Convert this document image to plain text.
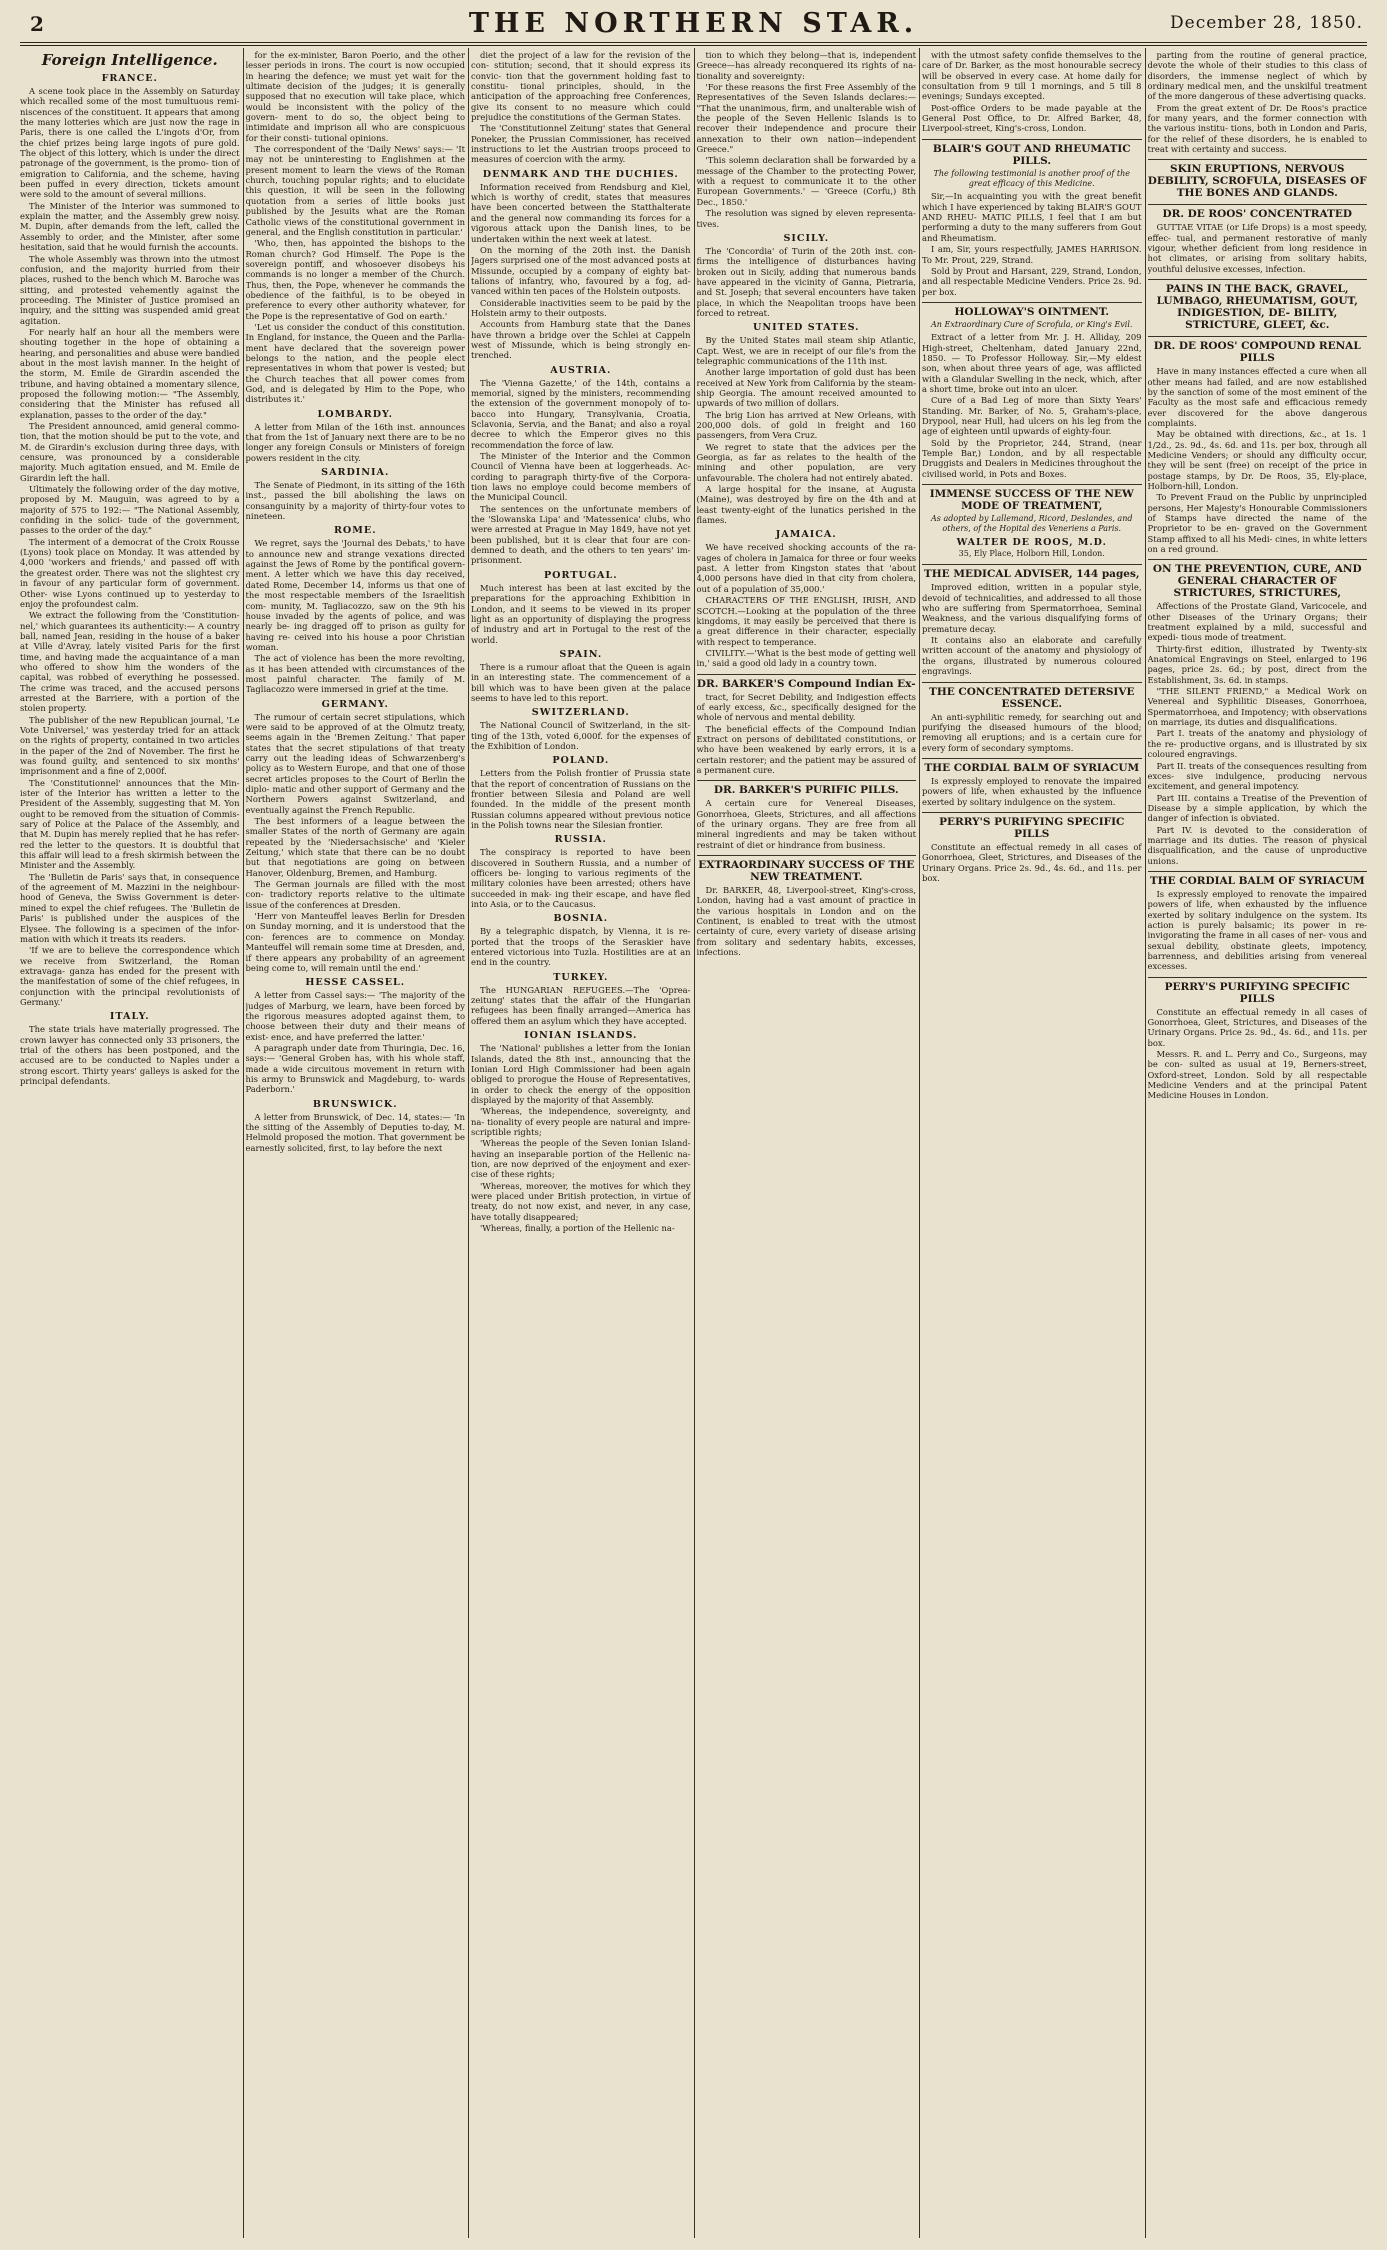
2	THE NORTHERN STAR.	December 28, 1850.
Foreign Intelligence.
FRANCE.

A scene took place in the Assembly on Saturday which recalled some of the most tumultuous remi- niscences of the constituent. It appears that among the many lotteries which are just now the rage in Paris, there is one called the L'ingots d'Or, from the chief prizes being large ingots of pure gold. The object of this lottery, which is under the direct patronage of the government, is the promo- tion of emigration to California, and the scheme, having been puffed in every direction, tickets amount were sold to the amount of several millions.

The Minister of the Interior was summoned to explain the matter, and the Assembly grew noisy. M. Dupin, after demands from the left, called the Assembly to order, and the Minister, after some hesitation, said that he would furnish the accounts.

The whole Assembly was thrown into the utmost confusion, and the majority hurried from their places, rushed to the bench which M. Baroche was sitting, and protested vehemently against the proceeding. The Minister of Justice promised an inquiry, and the sitting was suspended amid great agitation.

For nearly half an hour all the members were shouting together in the hope of obtaining a hearing, and personalities and abuse were bandied about in the most lavish manner. In the height of the storm, M. Emile de Girardin ascended the tribune, and having obtained a momentary silence, proposed the following motion:— "The Assembly, considering that the Minister has refused all explanation, passes to the order of the day."

The President announced, amid general commo- tion, that the motion should be put to the vote, and M. de Girardin's exclusion during three days, with censure, was pronounced by a considerable majority. Much agitation ensued, and M. Emile de Girardin left the hall.

Ultimately the following order of the day motive, proposed by M. Mauguin, was agreed to by a majority of 575 to 192:— "The National Assembly, confiding in the solici- tude of the government, passes to the order of the day."

The interment of a democrat of the Croix Rousse (Lyons) took place on Monday. It was attended by 4,000 'workers and friends,' and passed off with the greatest order. There was not the slightest cry in favour of any particular form of government. Other- wise Lyons continued up to yesterday to enjoy the profoundest calm.

We extract the following from the 'Constitution- nel,' which guarantees its authenticity:— A country ball, named Jean, residing in the house of a baker at Ville d'Avray, lately visited Paris for the first time, and having made the acquaintance of a man who offered to show him the wonders of the capital, was robbed of everything he possessed. The crime was traced, and the accused persons arrested at the Barriere, with a portion of the stolen property.

The publisher of the new Republican journal, 'Le Vote Universel,' was yesterday tried for an attack on the rights of property, contained in two articles in the paper of the 2nd of November. The first he was found guilty, and sentenced to six months' imprisonment and a fine of 2,000f.

The 'Constitutionnel' announces that the Min- ister of the Interior has written a letter to the President of the Assembly, suggesting that M. Yon ought to be removed from the situation of Commis- sary of Police at the Palace of the Assembly, and that M. Dupin has merely replied that he has refer- red the letter to the questors. It is doubtful that this affair will lead to a fresh skirmish between the Minister and the Assembly.

The 'Bulletin de Paris' says that, in consequence of the agreement of M. Mazzini in the neighbour- hood of Geneva, the Swiss Government is deter- mined to expel the chief refugees. The 'Bulletin de Paris' is published under the auspices of the Elysee. The following is a specimen of the infor- mation with which it treats its readers.

'If we are to believe the correspondence which we receive from Switzerland, the Roman extravaga- ganza has ended for the present with the manifestation of some of the chief refugees, in conjunction with the principal revolutionists of Germany.'

ITALY.

The state trials have materially progressed. The crown lawyer has connected only 33 prisoners, the trial of the others has been postponed, and the accused are to be conducted to Naples under a strong escort. Thirty years' galleys is asked for the principal defendants.

for the ex-minister, Baron Poerio, and the other lesser periods in irons. The court is now occupied in hearing the defence; we must yet wait for the ultimate decision of the judges; it is generally supposed that no execution will take place, which would be inconsistent with the policy of the govern- ment to do so, the object being to intimidate and imprison all who are conspicuous for their consti- tutional opinions.

The correspondent of the 'Daily News' says:— 'It may not be uninteresting to Englishmen at the present moment to learn the views of the Roman church, touching popular rights; and to elucidate this question, it will be seen in the following quotation from a series of little books just published by the Jesuits what are the Roman Catholic views of the constitutional government in general, and the English constitution in particular.'

'Who, then, has appointed the bishops to the Roman church? God Himself. The Pope is the sovereign pontiff, and whosoever disobeys his commands is no longer a member of the Church. Thus, then, the Pope, whenever he commands the obedience of the faithful, is to be obeyed in preference to every other authority whatever, for the Pope is the representative of God on earth.'

'Let us consider the conduct of this constitution. In England, for instance, the Queen and the Parlia- ment have declared that the sovereign power belongs to the nation, and the people elect representatives in whom that power is vested; but the Church teaches that all power comes from God, and is delegated by Him to the Pope, who distributes it.'

LOMBARDY.

A letter from Milan of the 16th inst. announces that from the 1st of January next there are to be no longer any foreign Consuls or Ministers of foreign powers resident in the city.

SARDINIA.

The Senate of Piedmont, in its sitting of the 16th inst., passed the bill abolishing the laws on consanguinity by a majority of thirty-four votes to nineteen.

ROME.

We regret, says the 'Journal des Debats,' to have to announce new and strange vexations directed against the Jews of Rome by the pontifical govern- ment. A letter which we have this day received, dated Rome, December 14, informs us that one of the most respectable members of the Israelitish com- munity, M. Tagliacozzo, saw on the 9th his house invaded by the agents of police, and was nearly be- ing dragged off to prison as guilty for having re- ceived into his house a poor Christian woman.

The act of violence has been the more revolting, as it has been attended with circumstances of the most painful character. The family of M. Tagliacozzo were immersed in grief at the time.

GERMANY.

The rumour of certain secret stipulations, which were said to be approved of at the Olmutz treaty, seems again in the 'Bremen Zeitung.' That paper states that the secret stipulations of that treaty carry out the leading ideas of Schwarzenberg's policy as to Western Europe, and that one of those secret articles proposes to the Court of Berlin the diplo- matic and other support of Germany and the Northern Powers against Switzerland, and eventually against the French Republic.

The best informers of a league between the smaller States of the north of Germany are again repeated by the 'Niedersachsische' and 'Kieler Zeitung,' which state that there can be no doubt but that negotiations are going on between Hanover, Oldenburg, Bremen, and Hamburg.

The German journals are filled with the most con- tradictory reports relative to the ultimate issue of the conferences at Dresden.

'Herr von Manteuffel leaves Berlin for Dresden on Sunday morning, and it is understood that the con- ferences are to commence on Monday. Manteuffel will remain some time at Dresden, and, if there appears any probability of an agreement being come to, will remain until the end.'

HESSE CASSEL.

A letter from Cassel says:— 'The majority of the judges of Marburg, we learn, have been forced by the rigorous measures adopted against them, to choose between their duty and their means of exist- ence, and have preferred the latter.'

A paragraph under date from Thuringia, Dec. 16, says:— 'General Groben has, with his whole staff, made a wide circuitous movement in return with his army to Brunswick and Magdeburg, to- wards Paderborn.'

BRUNSWICK.

A letter from Brunswick, of Dec. 14, states:— 'In the sitting of the Assembly of Deputies to-day, M. Helmold proposed the motion. That government be earnestly solicited, first, to lay before the next

diet the project of a law for the revision of the con- stitution; second, that it should express its convic- tion that the government holding fast to constitu- tional principles, should, in the anticipation of the approaching free Conferences, give its consent to no measure which could prejudice the constitutions of the German States.

The 'Constitutionnel Zeitung' states that General Poneker, the Prussian Commissioner, has received instructions to let the Austrian troops proceed to measures of coercion with the army.

DENMARK AND THE DUCHIES.

Information received from Rendsburg and Kiel, which is worthy of credit, states that measures have been concerted between the Statthalterate and the general now commanding its forces for a vigorous attack upon the Danish lines, to be undertaken within the next week at latest.

On the morning of the 20th inst. the Danish Jagers surprised one of the most advanced posts at Missunde, occupied by a company of eighty bat- talions of infantry, who, favoured by a fog, ad- vanced within ten paces of the Holstein outposts.

Considerable inactivities seem to be paid by the Holstein army to their outposts.

Accounts from Hamburg state that the Danes have thrown a bridge over the Schlei at Cappeln west of Missunde, which is being strongly en- trenched.

AUSTRIA.

The 'Vienna Gazette,' of the 14th, contains a memorial, signed by the ministers, recommending the extension of the government monopoly of to- bacco into Hungary, Transylvania, Croatia, Sclavonia, Servia, and the Banat; and also a royal decree to which the Emperor gives no this recommendation the force of law.

The Minister of the Interior and the Common Council of Vienna have been at loggerheads. Ac- cording to paragraph thirty-five of the Corpora- tion laws no employe could become members of the Municipal Council.

The sentences on the unfortunate members of the 'Slowanska Lipa' and 'Matessenica' clubs, who were arrested at Prague in May 1849, have not yet been published, but it is clear that four are con- demned to death, and the others to ten years' im- prisonment.

PORTUGAL.

Much interest has been at last excited by the preparations for the approaching Exhibition in London, and it seems to be viewed in its proper light as an opportunity of displaying the progress of industry and art in Portugal to the rest of the world.

SPAIN.

There is a rumour afloat that the Queen is again in an interesting state. The commencement of a bill which was to have been given at the palace seems to have led to this report.

SWITZERLAND.

The National Council of Switzerland, in the sit- ting of the 13th, voted 6,000f. for the expenses of the Exhibition of London.

POLAND.

Letters from the Polish frontier of Prussia state that the report of concentration of Russians on the frontier between Silesia and Poland are well founded. In the middle of the present month Russian columns appeared without previous notice in the Polish towns near the Silesian frontier.

RUSSIA.

The conspiracy is reported to have been discovered in Southern Russia, and a number of officers be- longing to various regiments of the military colonies have been arrested; others have succeeded in mak- ing their escape, and have fled into Asia, or to the Caucasus.

BOSNIA.

By a telegraphic dispatch, by Vienna, it is re- ported that the troops of the Seraskier have entered victorious into Tuzla. Hostilities are at an end in the country.

TURKEY.

The HUNGARIAN REFUGEES.—The 'Oprea- zeitung' states that the affair of the Hungarian refugees has been finally arranged—America has offered them an asylum which they have accepted.

IONIAN ISLANDS.

The 'National' publishes a letter from the Ionian Islands, dated the 8th inst., announcing that the Ionian Lord High Commissioner had been again obliged to prorogue the House of Representatives, in order to check the energy of the opposition displayed by the majority of that Assembly.

'Whereas, the independence, sovereignty, and na- tionality of every people are natural and impre- scriptible rights;

'Whereas the people of the Seven Ionian Island- having an inseparable portion of the Hellenic na- tion, are now deprived of the enjoyment and exer- cise of these rights;

'Whereas, moreover, the motives for which they were placed under British protection, in virtue of treaty, do not now exist, and never, in any case, have totally disappeared;

'Whereas, finally, a portion of the Hellenic na-

tion to which they belong—that is, independent Greece—has already reconquered its rights of na- tionality and sovereignty:

'For these reasons the first Free Assembly of the Representatives of the Seven Islands declares:— "That the unanimous, firm, and unalterable wish of the people of the Seven Hellenic Islands is to recover their independence and procure their annexation to their own nation—independent Greece."

'This solemn declaration shall be forwarded by a message of the Chamber to the protecting Power, with a request to communicate it to the other European Governments.' — 'Greece (Corfu,) 8th Dec., 1850.'

The resolution was signed by eleven representa- tives.

SICILY.

The 'Concordia' of Turin of the 20th inst. con- firms the intelligence of disturbances having broken out in Sicily, adding that numerous bands have appeared in the vicinity of Ganna, Pietraria, and St. Joseph; that several encounters have taken place, in which the Neapolitan troops have been forced to retreat.

UNITED STATES.

By the United States mail steam ship Atlantic, Capt. West, we are in receipt of our file's from the telegraphic communications of the 11th inst.

Another large importation of gold dust has been received at New York from California by the steam- ship Georgia. The amount received amounted to upwards of two million of dollars.

The brig Lion has arrived at New Orleans, with 200,000 dols. of gold in freight and 160 passengers, from Vera Cruz.

We regret to state that the advices per the Georgia, as far as relates to the health of the mining and other population, are very unfavourable. The cholera had not entirely abated.

A large hospital for the insane, at Augusta (Maine), was destroyed by fire on the 4th and at least twenty-eight of the lunatics perished in the flames.

JAMAICA.

We have received shocking accounts of the ra- vages of cholera in Jamaica for three or four weeks past. A letter from Kingston states that 'about 4,000 persons have died in that city from cholera, out of a population of 35,000.'

CHARACTERS OF THE ENGLISH, IRISH, AND SCOTCH.—Looking at the population of the three kingdoms, it may easily be perceived that there is a great difference in their character, especially with respect to temperance.

CIVILITY.—'What is the best mode of getting well in,' said a good old lady in a country town.

DR. BARKER'S Compound Indian Ex-

tract, for Secret Debility, and Indigestion effects of early excess, &c., specifically designed for the whole of nervous and mental debility.

The beneficial effects of the Compound Indian Extract on persons of debilitated constitutions, or who have been weakened by early errors, it is a certain restorer; and the patient may be assured of a permanent cure.

DR. BARKER'S PURIFIC PILLS.

A certain cure for Venereal Diseases, Gonorrhoea, Gleets, Strictures, and all affections of the urinary organs. They are free from all mineral ingredients and may be taken without restraint of diet or hindrance from business.

EXTRAORDINARY SUCCESS OF THE NEW TREATMENT.

Dr. BARKER, 48, Liverpool-street, King's-cross, London, having had a vast amount of practice in the various hospitals in London and on the Continent, is enabled to treat with the utmost certainty of cure, every variety of disease arising from solitary and sedentary habits, excesses, infections.

with the utmost safety confide themselves to the care of Dr. Barker, as the most honourable secrecy will be observed in every case. At home daily for consultation from 9 till 1 mornings, and 5 till 8 evenings; Sundays excepted.

Post-office Orders to be made payable at the General Post Office, to Dr. Alfred Barker, 48, Liverpool-street, King's-cross, London.

BLAIR'S GOUT AND RHEUMATIC PILLS.
The following testimonial is another proof of the great efficacy of this Medicine.

Sir,—In acquainting you with the great benefit which I have experienced by taking BLAIR'S GOUT AND RHEU- MATIC PILLS, I feel that I am but performing a duty to the many sufferers from Gout and Rheumatism.

I am, Sir, yours respectfully, JAMES HARRISON. To Mr. Prout, 229, Strand.

Sold by Prout and Harsant, 229, Strand, London, and all respectable Medicine Venders. Price 2s. 9d. per box.

HOLLOWAY'S OINTMENT.
An Extraordinary Cure of Scrofula, or King's Evil.

Extract of a letter from Mr. J. H. Alliday, 209 High-street, Cheltenham, dated January 22nd, 1850. — To Professor Holloway. Sir,—My eldest son, when about three years of age, was afflicted with a Glandular Swelling in the neck, which, after a short time, broke out into an ulcer.

Cure of a Bad Leg of more than Sixty Years' Standing. Mr. Barker, of No. 5, Graham's-place, Drypool, near Hull, had ulcers on his leg from the age of eighteen until upwards of eighty-four.

Sold by the Proprietor, 244, Strand, (near Temple Bar,) London, and by all respectable Druggists and Dealers in Medicines throughout the civilised world, in Pots and Boxes.

IMMENSE SUCCESS OF THE NEW MODE OF TREATMENT,
As adopted by Lallemand, Ricord, Deslandes, and others, of the Hopital des Veneriens a Paris.
WALTER DE ROOS, M.D.
35, Ely Place, Holborn Hill, London.
THE MEDICAL ADVISER, 144 pages,

Improved edition, written in a popular style, devoid of technicalities, and addressed to all those who are suffering from Spermatorrhoea, Seminal Weakness, and the various disqualifying forms of premature decay.

It contains also an elaborate and carefully written account of the anatomy and physiology of the organs, illustrated by numerous coloured engravings.

THE CONCENTRATED DETERSIVE ESSENCE.

An anti-syphilitic remedy, for searching out and purifying the diseased humours of the blood; removing all eruptions; and is a certain cure for every form of secondary symptoms.

THE CORDIAL BALM OF SYRIACUM

Is expressly employed to renovate the impaired powers of life, when exhausted by the influence exerted by solitary indulgence on the system.

PERRY'S PURIFYING SPECIFIC PILLS

Constitute an effectual remedy in all cases of Gonorrhoea, Gleet, Strictures, and Diseases of the Urinary Organs. Price 2s. 9d., 4s. 6d., and 11s. per box.

parting from the routine of general practice, devote the whole of their studies to this class of disorders, the immense neglect of which by ordinary medical men, and the unskilful treatment of the more dangerous of these advertising quacks.

From the great extent of Dr. De Roos's practice for many years, and the former connection with the various institu- tions, both in London and Paris, for the relief of these disorders, he is enabled to treat with certainty and success.

SKIN ERUPTIONS, NERVOUS DEBILITY, SCROFULA, DISEASES OF THE BONES AND GLANDS.
DR. DE ROOS' CONCENTRATED

GUTTAE VITAE (or Life Drops) is a most speedy, effec- tual, and permanent restorative of manly vigour, whether deficient from long residence in hot climates, or arising from solitary habits, youthful delusive excesses, infection.

PAINS IN THE BACK, GRAVEL, LUMBAGO, RHEUMATISM, GOUT, INDIGESTION, DE- BILITY, STRICTURE, GLEET, &c.
DR. DE ROOS' COMPOUND RENAL PILLS

Have in many instances effected a cure when all other means had failed, and are now established by the sanction of some of the most eminent of the Faculty as the most safe and efficacious remedy ever discovered for the above dangerous complaints.

May be obtained with directions, &c., at 1s. 1 1/2d., 2s. 9d., 4s. 6d. and 11s. per box, through all Medicine Venders; or should any difficulty occur, they will be sent (free) on receipt of the price in postage stamps, by Dr. De Roos, 35, Ely-place, Holborn-hill, London.

To Prevent Fraud on the Public by unprincipled persons, Her Majesty's Honourable Commissioners of Stamps have directed the name of the Proprietor to be en- graved on the Government Stamp affixed to all his Medi- cines, in white letters on a red ground.

ON THE PREVENTION, CURE, AND GENERAL CHARACTER OF STRICTURES, STRICTURES,

Affections of the Prostate Gland, Varicocele, and other Diseases of the Urinary Organs; their treatment explained by a mild, successful and expedi- tious mode of treatment.

Thirty-first edition, illustrated by Twenty-six Anatomical Engravings on Steel, enlarged to 196 pages, price 2s. 6d.; by post, direct from the Establishment, 3s. 6d. in stamps.

"THE SILENT FRIEND," a Medical Work on Venereal and Syphilitic Diseases, Gonorrhoea, Spermatorrhoea, and Impotency; with observations on marriage, its duties and disqualifications.

Part I. treats of the anatomy and physiology of the re- productive organs, and is illustrated by six coloured engravings.

Part II. treats of the consequences resulting from exces- sive indulgence, producing nervous excitement, and general impotency.

Part III. contains a Treatise of the Prevention of Disease by a simple application, by which the danger of infection is obviated.

Part IV. is devoted to the consideration of marriage and its duties. The reason of physical disqualification, and the cause of unproductive unions.

THE CORDIAL BALM OF SYRIACUM

Is expressly employed to renovate the impaired powers of life, when exhausted by the influence exerted by solitary indulgence on the system. Its action is purely balsamic; its power in re-invigorating the frame in all cases of ner- vous and sexual debility, obstinate gleets, impotency, barrenness, and debilities arising from venereal excesses.

PERRY'S PURIFYING SPECIFIC PILLS

Constitute an effectual remedy in all cases of Gonorrhoea, Gleet, Strictures, and Diseases of the Urinary Organs. Price 2s. 9d., 4s. 6d., and 11s. per box.

Messrs. R. and L. Perry and Co., Surgeons, may be con- sulted as usual at 19, Berners-street, Oxford-street, London. Sold by all respectable Medicine Venders and at the principal Patent Medicine Houses in London.
